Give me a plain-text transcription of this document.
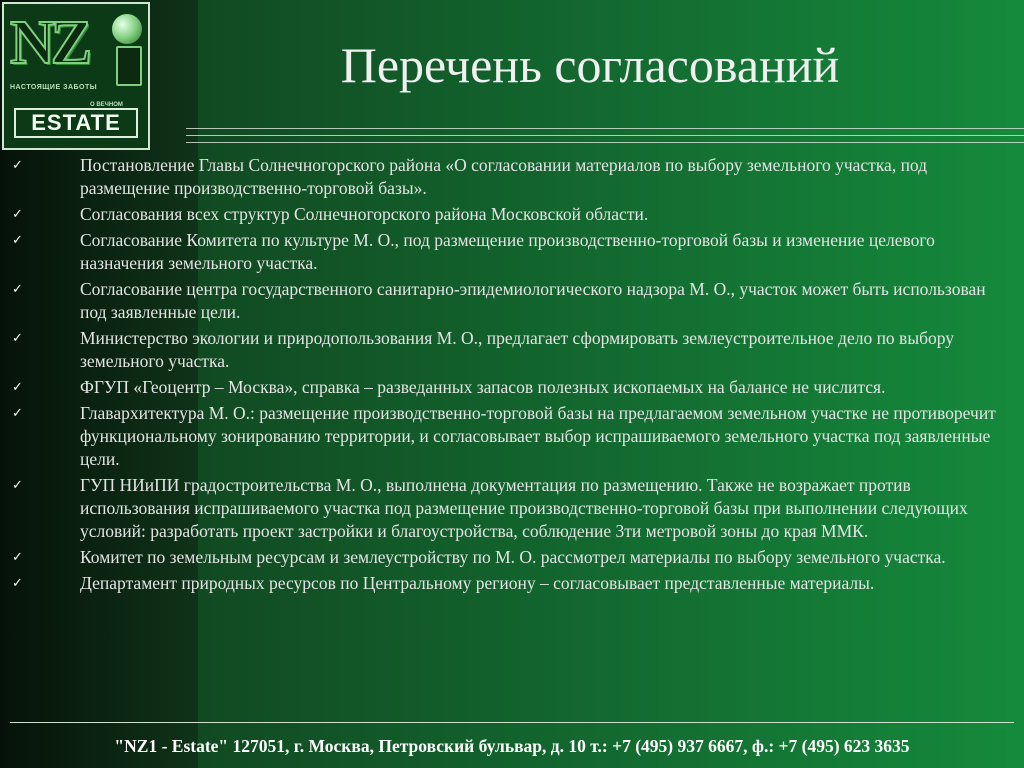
NZ
НАСТОЯЩИЕ ЗАБОТЫ
О ВЕЧНОМ
ESTATE
Перечень согласований
✓	Постановление Главы Солнечногорского района «О согласовании материалов по выбору земельного участка, под размещение производственно-торговой базы».
✓	Согласования всех структур Солнечногорского района Московской области.
✓	Согласование Комитета по культуре М. О., под размещение производственно-торговой базы и изменение целевого назначения земельного участка.
✓	Согласование центра государственного санитарно-эпидемиологического надзора М. О., участок может быть использован под заявленные цели.
✓	Министерство экологии и природопользования М. О., предлагает сформировать землеустроительное дело по выбору земельного участка.
✓	ФГУП «Геоцентр – Москва», справка – разведанных запасов полезных ископаемых на балансе не числится.
✓	Главархитектура М. О.: размещение производственно-торговой базы на предлагаемом земельном участке не противоречит функциональному зонированию территории, и согласовывает выбор испрашиваемого земельного участка под заявленные цели.
✓	ГУП НИиПИ градостроительства М. О., выполнена документация по размещению. Также не возражает против использования испрашиваемого участка под размещение производственно-торговой базы при выполнении следующих условий: разработать проект застройки и благоустройства, соблюдение 3ти метровой зоны до края ММК.
✓	Комитет по земельным ресурсам и землеустройству по М. О. рассмотрел материалы по выбору земельного участка.
✓	Департамент природных ресурсов по Центральному региону – согласовывает представленные материалы.
"NZ1 - Estate" 127051, г. Москва, Петровский бульвар, д. 10 т.: +7 (495) 937 6667, ф.: +7 (495) 623 3635
